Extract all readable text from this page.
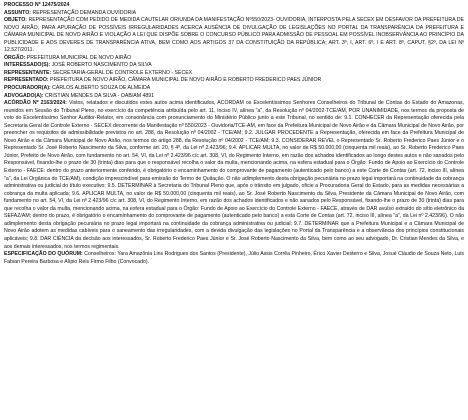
PROCESSO Nº 12475/2024

ASSUNTO: REPRESENTAÇÃO DEMANDA OUVIDORIA

OBJETO: REPRESENTAÇÃO COM PEDIDO DE MEDIDA CAUTELAR ORIUNDA DA MANIFESTAÇÃO Nº550/2023- OUVIDORIA, INTERPOSTA PELA SECEX EM DESFAVOR DA PREFEITURA DE NOVO AIRÃO, PARA APURAÇÃO DE POSSÍVEIS IRREGULARIDADES ACERCA AUSÊNCIA DE DIVULGAÇÃO DE LEGISLAÇÕES NO PORTAL DA TRANSPARÊNCIA DA PREFEITURA E CÂMARA MUNICIPAL DE NOVO AIRÃO E VIOLAÇÃO A LEI QUE DISPÕE SOBRE O CONCURSO PÚBLICO PARA ADMISSÃO DE PESSOAL EM POSSÍVEL INOBSERVÂNCIA AO PRINCÍPIO DA PUBLICIDADE E AOS DEVERES DE TRANSPARÊNCIA ATIVA, BEM COMO AOS ARTIGOS 37 DA CONSTITUIÇÃO DA REPÚBLICA; ART. 3º, I, ART. 6º, I E ART. 8º, CAPUT, §2º, DA LEI Nº 12.527/2011.

ÓRGÃO: PREFEITURA MUNICIPAL DE NOVO AIRÃO

INTERESSADO(S): JOSÉ ROBERTO NASCIMENTO DA SILVA

REPRESENTANTE: SECRETARIA-GERAL DE CONTROLE EXTERNO - SECEX

REPRESENTADO: PREFEITURA DE NOVO AIRÃO, CÂMARA MUNICIPAL DE NOVO AIRÃO E ROBERTO FREDERICO PAES JÚNIOR

PROCURADOR(A): CARLOS ALBERTO SOUZA DE ALMEIDA

ADVOGADO(A): CRISTIAN MENDES DA SILVA - OAB/AM 4891

ACÓRDÃO Nº 2163/2024: Vistos, relatados e discutidos estes autos acima identificados, ACORDAM os Excelentíssimos Senhores Conselheiros do Tribunal de Contas do Estado do Amazonas, reunidos em Sessão do Tribunal Pleno, no exercício da competência atribuída pelo art. 11, inciso IV, alínea "a", da Resolução nº 04/2002-TCE/AM, POR UNANIMIDADE, nos termos da proposta de voto do Excelentíssimo Senhor Auditor-Relator, em consonância com pronunciamento do Ministério Público junto a este Tribunal, no sentido de: 9.1. CONHECER da Representação oferecida pela Secretaria Geral de Controle Externo - SECEX decorrente da Manifestação nº 550/2023 - Ouvidoria/TCE-AM, em face da Prefeitura Municipal de Novo Airão e da Câmara Municipal de Novo Airão, por preencher os requisitos de admissibilidade previstos no art. 288, da Resolução nº 04/2002 - TCE/AM; 9.2. JULGAR PROCEDENTE a Representação, oferecida em face da Prefeitura Municipal de Novo Airão e da Câmara Municipal de Novo Airão, nos termos do artigo 288, da Resolução nº 04/2002 - TCE/AM; 9.3. CONSIDERAR REVEL o Representado Sr. Roberto Frederico Paes Júnior e o Representado Sr. José Roberto Nascimento da Silva, conforme art. 20, § 4º, da Lei nº 2.423/96; 9.4. APLICAR MULTA, no valor de R$ 50.000,00 (cinquenta mil reais), ao Sr. Roberto Frederico Paes Júnior, Prefeito de Novo Airão, com fundamento no art. 54, VI, da Lei nº 2.423/96 c/c art. 308, VI, do Regimento Interno, em razão dos achados identificados ao longo destes autos e não sanados pelo Responsável, fixando-lhe o prazo de 30 (trinta) dias para que o responsável recolha o valor da multa, mencionando acima, na esfera estadual para o Órgão: Fundo de Apoio ao Exercício do Controle Externo - FAECE: dentro do prazo anteriormente conferido, é obrigatório o encaminhamento do comprovante de pagamento (autenticado pelo banco) a este Corte de Contas (art. 72, inciso III, alínea "a", da Lei Orgânica do TCE/AM), condição imprescindível para emissão do Termo de Quitação. O não adimplemento desta obrigação pecuniária no prazo legal importará na continuidade da cobrança administrativa ou judicial do título executivo; 9.5. DETERMINAR à Secretaria do Tribunal Pleno que, após o trânsito em julgado, oficie a Procuradoria Geral do Estado, para as medidas necessárias a cobrança da multa aplicada; 9.6. APLICAR MULTA, no valor de R$ 50.000,00 (cinquenta mil reais), ao Sr. José Roberto Nascimento da Silva, Presidente da Câmara Municipal de Novo Airão, com fundamento no art. 54, VI, da Lei nº 2.423/96 c/c art. 308, VI, do Regimento Interno, em razão dos achados identificados e não sanados pelo Responsável, fixando-lhe o prazo de 30 (trinta) dias para que recolha o valor da multa, mencionando acima, na esfera estadual para o Órgão: Fundo de Apoio ao Exercício do Controle Externo - FAECE, através de DAR avulso extraído do sítio eletrônico da SEFAZ/AM; dentro do prazo, é obrigatório o encaminhamento do comprovante de pagamento (autenticado pelo banco) a esta Corte de Contas (art. 72, inciso III, alínea "a", da Lei nº 2.423/96). O não adimplemento desta obrigação pecuniária no prazo legal importará na continuidade da cobrança administrativa ou judicial; 9.7. DETERMINAR que a Prefeitura Municipal e a Câmara Municipal de Novo Airão adotem as medidas cabíveis para o saneamento das irregularidades, com a devida divulgação das legislações no Portal da Transparência e a observância dos princípios constitucionais aplicáveis; 9.8. DAR CIÊNCIA da decisão aos interessados, Sr. Roberto Frederico Paes Júnior e Sr. José Roberto Nascimento da Silva, bem como ao seu advogado, Dr. Cristian Mendes da Silva, e aos demais interessados, nos termos regimentais.

ESPECIFICAÇÃO DO QUÓRUM: Conselheiros: Yara Amazônia Lins Rodrigues dos Santos (Presidente), Júlio Assis Corrêa Pinheiro, Érico Xavier Desterro e Silva, Josué Cláudio de Souza Neto, Luis Fabian Pereira Barbosa e Alípio Reis Firmo Filho (Convocado).
